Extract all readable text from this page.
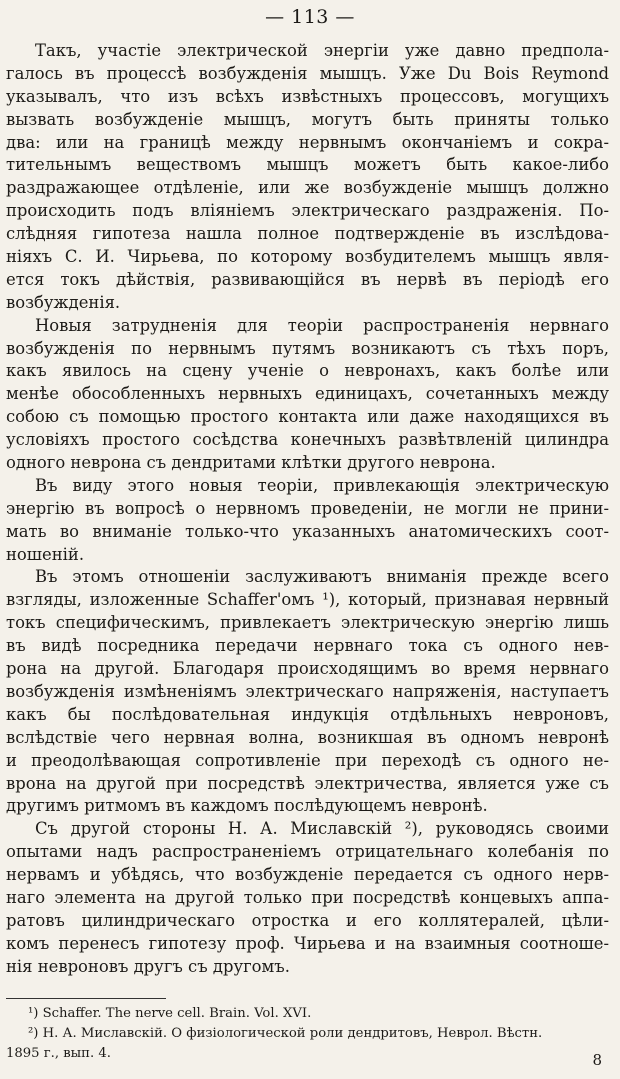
— 113 —
Такъ, участіе электрической энергіи уже давно предпола-
галось въ процессѣ возбужденія мышцъ. Уже Du Bois Reymond
указывалъ, что изъ всѣхъ извѣстныхъ процессовъ, могущихъ
вызвать возбужденіе мышцъ, могутъ быть приняты только
два: или на границѣ между нервнымъ окончаніемъ и сокра-
тительнымъ веществомъ мышцъ можетъ быть какое-либо
раздражающее отдѣленіе, или же возбужденіе мышцъ должно
происходить подъ вліяніемъ электрическаго раздраженія. По-
слѣдняя гипотеза нашла полное подтвержденіе въ изслѣдова-
ніяхъ С. И. Чирьева, по которому возбудителемъ мышцъ явля-
ется токъ дѣйствія, развивающійся въ нервѣ въ періодѣ его
возбужденія.
Новыя затрудненія для теоріи распространенія нервнаго
возбужденія по нервнымъ путямъ возникаютъ съ тѣхъ поръ,
какъ явилось на сцену ученіе о невронахъ, какъ болѣе или
менѣе обособленныхъ нервныхъ единицахъ, сочетанныхъ между
собою съ помощью простого контакта или даже находящихся въ
условіяхъ простого сосѣдства конечныхъ развѣтвленій цилиндра
одного неврона съ дендритами клѣтки другого неврона.
Въ виду этого новыя теоріи, привлекающія электрическую
энергію въ вопросѣ о нервномъ проведеніи, не могли не прини-
мать во вниманіе только-что указанныхъ анатомическихъ соот-
ношеній.
Въ этомъ отношеніи заслуживаютъ вниманія прежде всего
взгляды, изложенные Schaffer'омъ ¹), который, признавая нервный
токъ специфическимъ, привлекаетъ электрическую энергію лишь
въ видѣ посредника передачи нервнаго тока съ одного нев-
рона на другой. Благодаря происходящимъ во время нервнаго
возбужденія измѣненіямъ электрическаго напряженія, наступаетъ
какъ бы послѣдовательная индукція отдѣльныхъ невроновъ,
вслѣдствіе чего нервная волна, возникшая въ одномъ невронѣ
и преодолѣвающая сопротивленіе при переходѣ съ одного не-
врона на другой при посредствѣ электричества, является уже съ
другимъ ритмомъ въ каждомъ послѣдующемъ невронѣ.
Съ другой стороны Н. А. Миславскій ²), руководясь своими
опытами надъ распространеніемъ отрицательнаго колебанія по
нервамъ и убѣдясь, что возбужденіе передается съ одного нерв-
наго элемента на другой только при посредствѣ концевыхъ аппа-
ратовъ цилиндрическаго отростка и его коллятералей, цѣли-
комъ перенесъ гипотезу проф. Чирьева и на взаимныя соотноше-
нія невроновъ другъ съ другомъ.
¹) Schaffer. The nerve cell. Brain. Vol. XVI.
²) Н. А. Миславскій. О физіологической роли дендритовъ, Неврол. Вѣстн.
1895 г., вып. 4.	8
